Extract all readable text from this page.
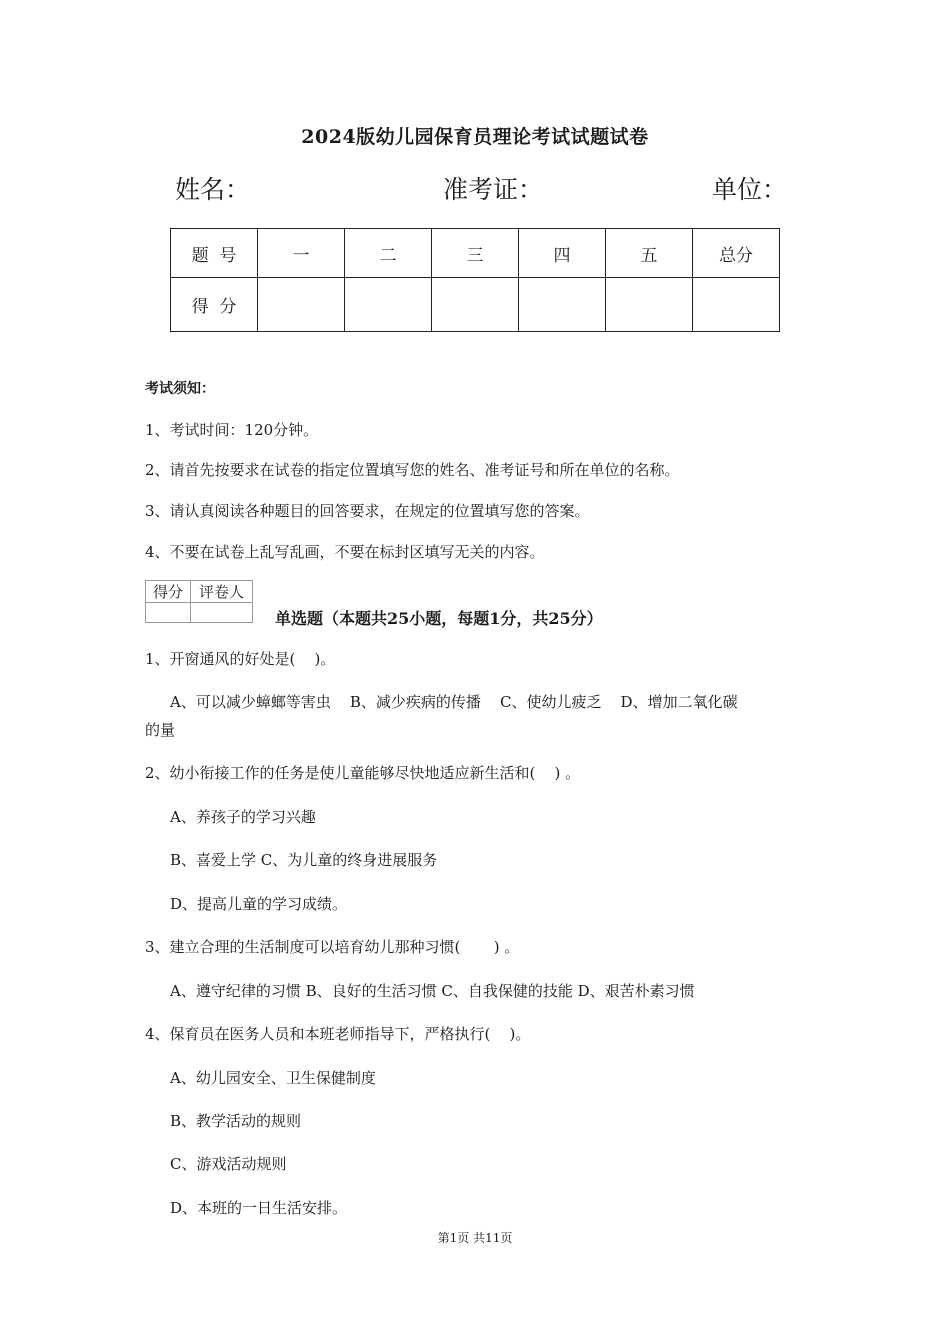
2024版幼儿园保育员理论考试试题试卷
姓名：	准考证：	单位：
题  号	一	二	三	四	五	总分
得  分						
考试须知：
1、考试时间：120分钟。
2、请首先按要求在试卷的指定位置填写您的姓名、准考证号和所在单位的名称。
3、请认真阅读各种题目的回答要求，在规定的位置填写您的答案。
4、不要在试卷上乱写乱画，不要在标封区填写无关的内容。
得分	评卷人

单选题（本题共25小题，每题1分，共25分）
1、开窗通风的好处是(    )。
A、可以减少蟑螂等害虫    B、减少疾病的传播    C、使幼儿疲乏    D、增加二氧化碳
的量
2、幼小衔接工作的任务是使儿童能够尽快地适应新生活和(    ) 。
A、养孩子的学习兴趣
B、喜爱上学 C、为儿童的终身进展服务
D、提高儿童的学习成绩。
3、建立合理的生活制度可以培育幼儿那种习惯(       ) 。
A、遵守纪律的习惯 B、良好的生活习惯 C、自我保健的技能 D、艰苦朴素习惯
4、保育员在医务人员和本班老师指导下，严格执行(    )。
A、幼儿园安全、卫生保健制度
B、教学活动的规则
C、游戏活动规则
D、本班的一日生活安排。
第1页 共11页
